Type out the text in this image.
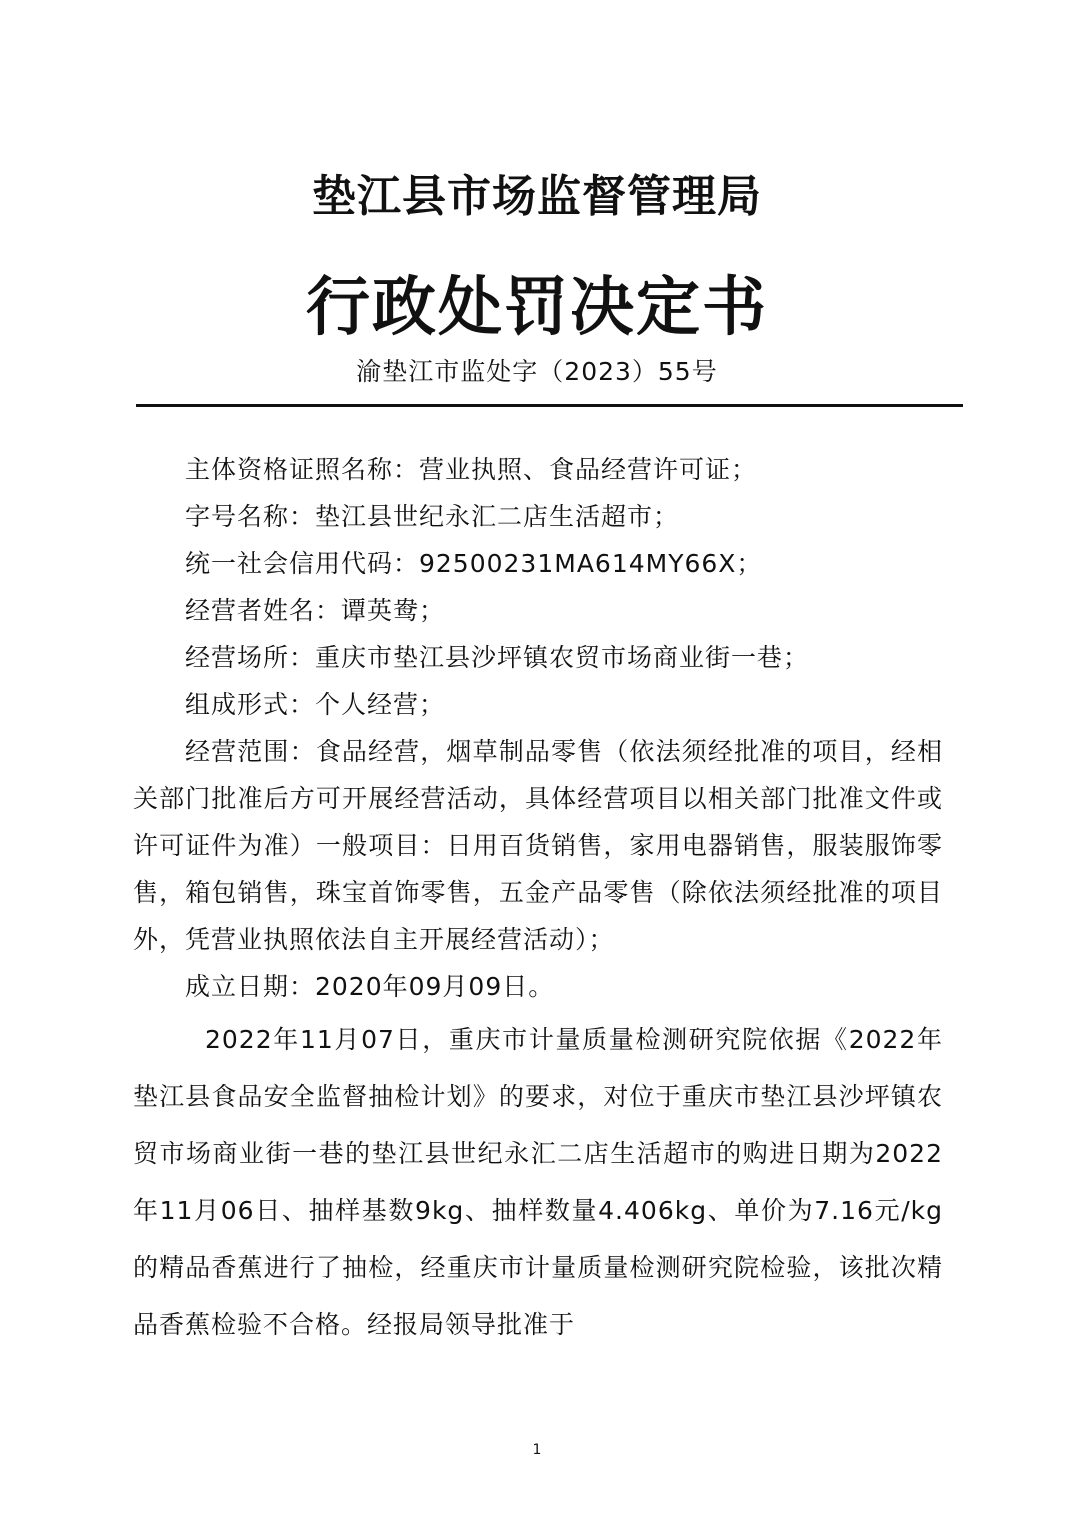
垫江县市场监督管理局
行政处罚决定书
渝垫江市监处字（2023）55号

主体资格证照名称：营业执照、食品经营许可证；

字号名称：垫江县世纪永汇二店生活超市；

统一社会信用代码：92500231MA614MY66X；

经营者姓名：谭英鸯；

经营场所：重庆市垫江县沙坪镇农贸市场商业街一巷；

组成形式：个人经营；

经营范围：食品经营，烟草制品零售（依法须经批准的项目，经相关部门批准后方可开展经营活动，具体经营项目以相关部门批准文件或许可证件为准）一般项目：日用百货销售，家用电器销售，服装服饰零售，箱包销售，珠宝首饰零售，五金产品零售（除依法须经批准的项目外，凭营业执照依法自主开展经营活动）；

成立日期：2020年09月09日。

2022年11月07日，重庆市计量质量检测研究院依据《2022年垫江县食品安全监督抽检计划》的要求，对位于重庆市垫江县沙坪镇农贸市场商业街一巷的垫江县世纪永汇二店生活超市的购进日期为2022年11月06日、抽样基数9kg、抽样数量4.406kg、单价为7.16元/kg的精品香蕉进行了抽检，经重庆市计量质量检测研究院检验，该批次精品香蕉检验不合格。经报局领导批准于

1
